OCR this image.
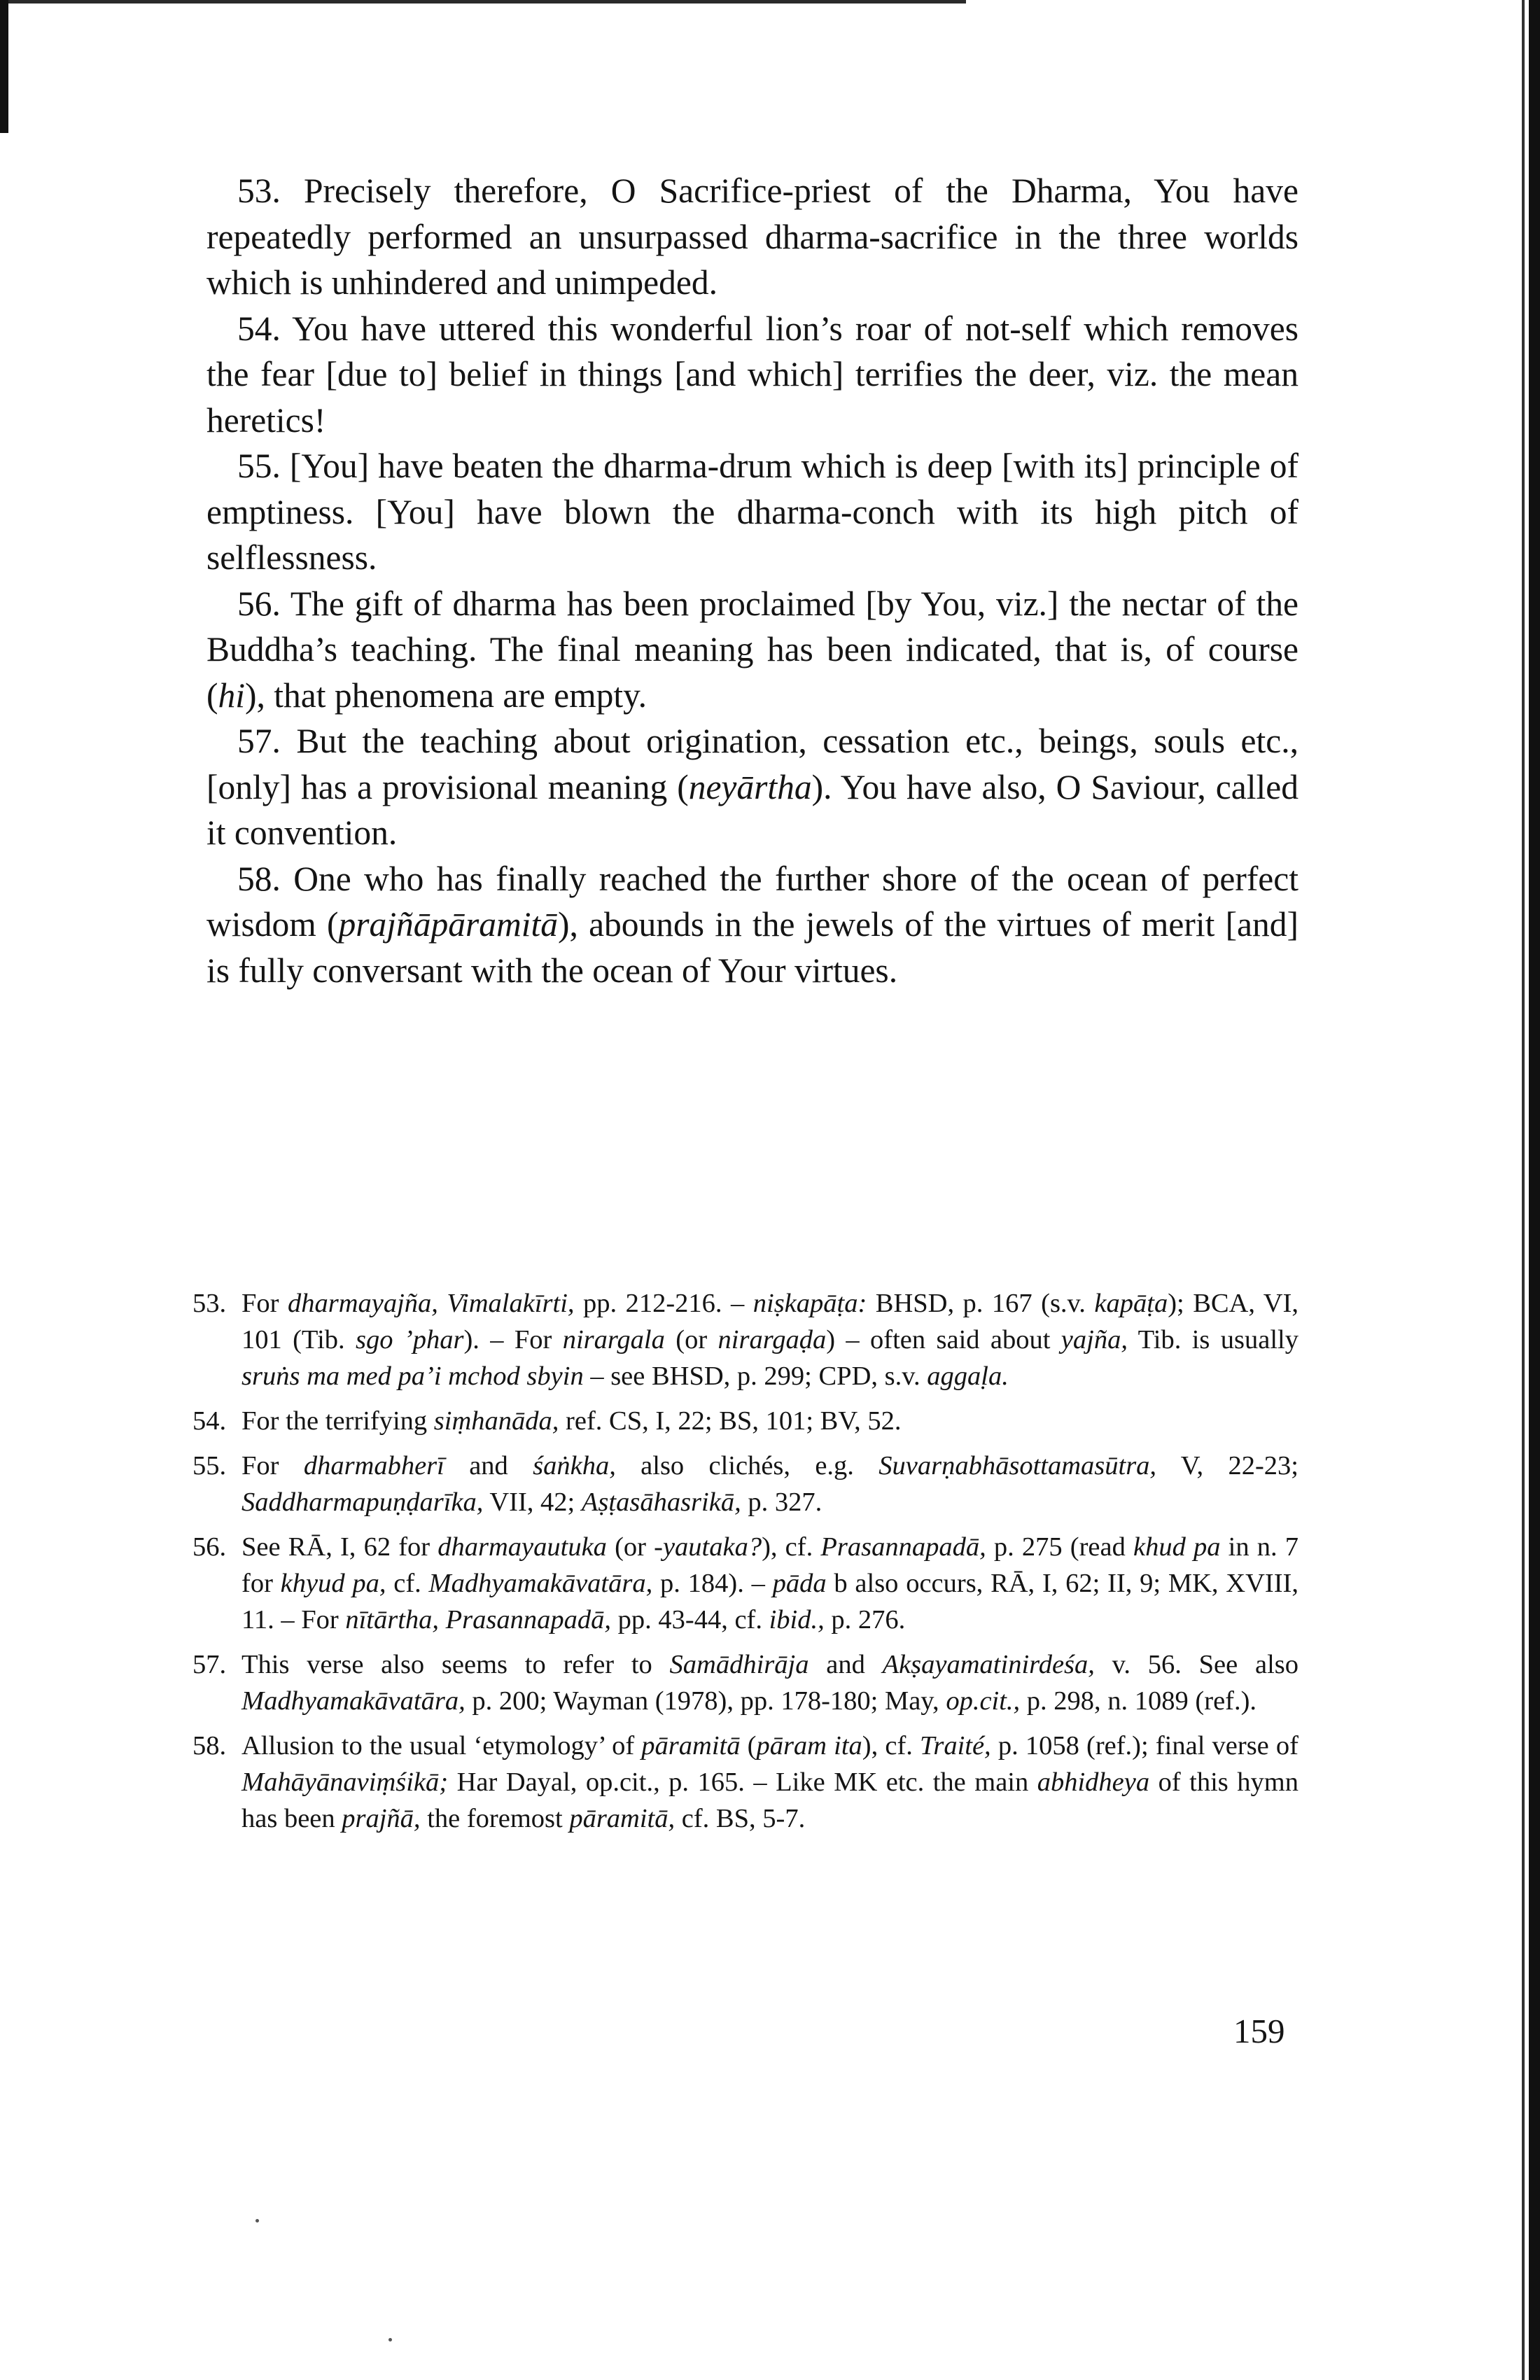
53. Precisely therefore, O Sacrifice-priest of the Dharma, You have repeatedly performed an unsurpassed dharma-sacrifice in the three worlds which is unhindered and unimpeded.

54. You have uttered this wonderful lion’s roar of not-self which removes the fear [due to] belief in things [and which] terrifies the deer, viz. the mean heretics!

55. [You] have beaten the dharma-drum which is deep [with its] principle of emptiness. [You] have blown the dharma-conch with its high pitch of selflessness.

56. The gift of dharma has been proclaimed [by You, viz.] the nectar of the Buddha’s teaching. The final meaning has been indicated, that is, of course (hi), that phenomena are empty.

57. But the teaching about origination, cessation etc., beings, souls etc., [only] has a provisional meaning (neyārtha). You have also, O Saviour, called it convention.

58. One who has finally reached the further shore of the ocean of perfect wisdom (prajñāpāramitā), abounds in the jewels of the virtues of merit [and] is fully conversant with the ocean of Your virtues.

53. For dharmayajña, Vimalakīrti, pp. 212-216. – niṣkapāṭa: BHSD, p. 167 (s.v. kapāṭa); BCA, VI, 101 (Tib. sgo ’phar). – For nirargala (or nirargaḍa) – often said about yajña, Tib. is usually sruṅs ma med pa’i mchod sbyin – see BHSD, p. 299; CPD, s.v. aggaḷa.
54. For the terrifying siṃhanāda, ref. CS, I, 22; BS, 101; BV, 52.
55. For dharmabherī and śaṅkha, also clichés, e.g. Suvarṇabhāsottamasūtra, V, 22-23; Saddharmapuṇḍarīka, VII, 42; Aṣṭasāhasrikā, p. 327.
56. See RĀ, I, 62 for dharmayautuka (or -yautaka?), cf. Prasannapadā, p. 275 (read khud pa in n. 7 for khyud pa, cf. Madhyamakāvatāra, p. 184). – pāda b also occurs, RĀ, I, 62; II, 9; MK, XVIII, 11. – For nītārtha, Prasannapadā, pp. 43-44, cf. ibid., p. 276.
57. This verse also seems to refer to Samādhirāja and Akṣayamatinirdeśa, v. 56. See also Madhyamakāvatāra, p. 200; Wayman (1978), pp. 178-180; May, op.cit., p. 298, n. 1089 (ref.).
58. Allusion to the usual ‘etymology’ of pāramitā (pāram ita), cf. Traité, p. 1058 (ref.); final verse of Mahāyānaviṃśikā; Har Dayal, op.cit., p. 165. – Like MK etc. the main abhidheya of this hymn has been prajñā, the foremost pāramitā, cf. BS, 5-7.
159
